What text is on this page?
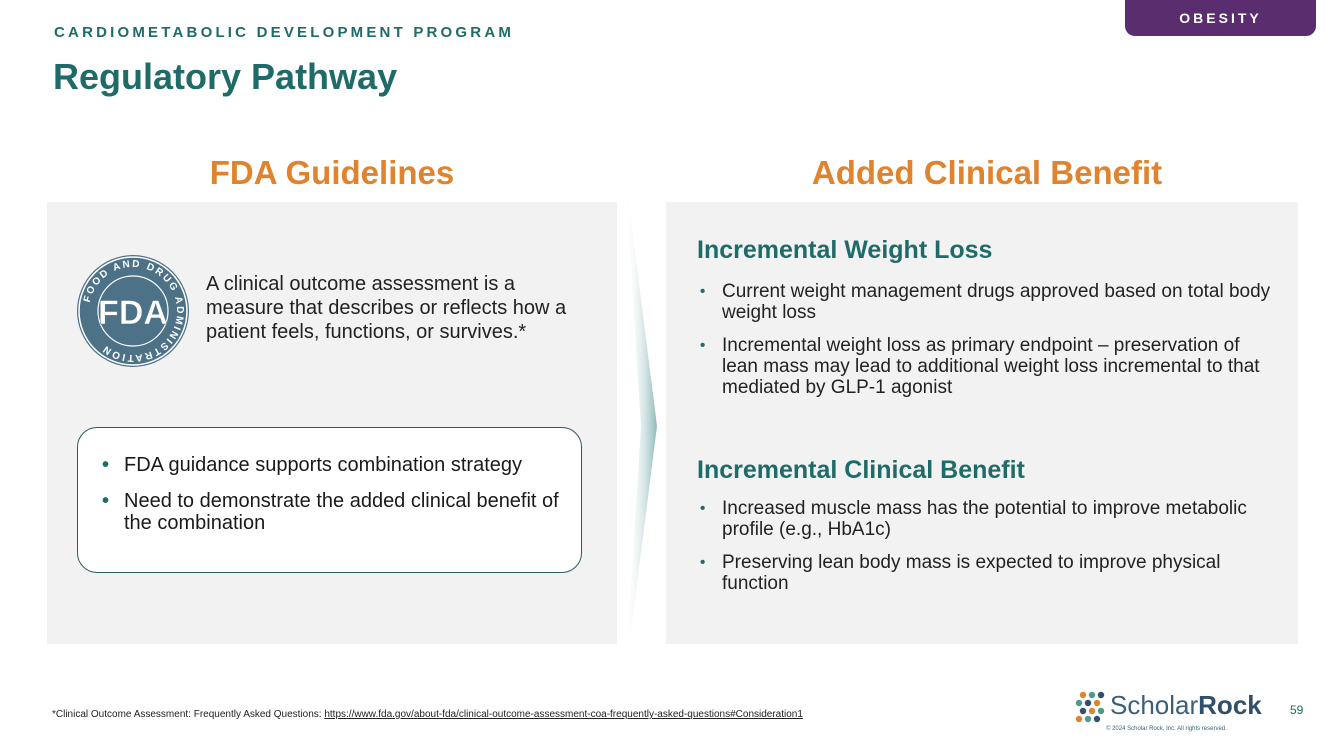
CARDIOMETABOLIC DEVELOPMENT PROGRAM
Regulatory Pathway
OBESITY
FDA Guidelines
FOOD AND DRUG ADMINISTRATION
FDA
A clinical outcome assessment is a measure that describes or reflects how a patient feels, functions, or survives.*
• FDA guidance supports combination strategy
• Need to demonstrate the added clinical benefit of the combination
Added Clinical Benefit
Incremental Weight Loss
• Current weight management drugs approved based on total body weight loss
• Incremental weight loss as primary endpoint – preservation of lean mass may lead to additional weight loss incremental to that mediated by GLP-1 agonist
Incremental Clinical Benefit
• Increased muscle mass has the potential to improve metabolic profile (e.g., HbA1c)
• Preserving lean body mass is expected to improve physical function
*Clinical Outcome Assessment: Frequently Asked Questions: https://www.fda.gov/about-fda/clinical-outcome-assessment-coa-frequently-asked-questions#Consideration1	ScholarRock
© 2024 Scholar Rock, Inc. All rights reserved.
59
